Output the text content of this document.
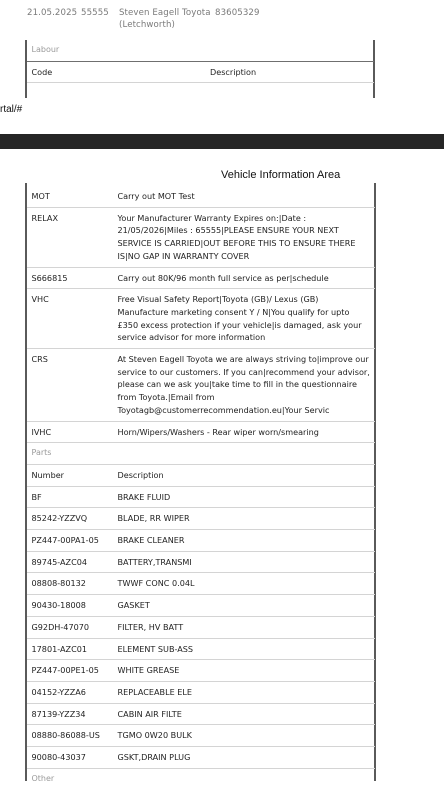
21.05.2025 55555 Steven Eagell Toyota
(Letchworth)
83605329
Labour
Code	Description

rtal/#
Vehicle Information Area
MOT	Carry out MOT Test
RELAX	Your Manufacturer Warranty Expires on:|Date : 21/05/2026|Miles : 65555|PLEASE ENSURE YOUR NEXT SERVICE IS CARRIED|OUT BEFORE THIS TO ENSURE THERE IS|NO GAP IN WARRANTY COVER
S666815	Carry out 80K/96 month full service as per|schedule
VHC	Free Visual Safety Report|Toyota (GB)/ Lexus (GB) Manufacture marketing consent Y / N|You qualify for upto £350 excess protection if your vehicle|is damaged, ask your service advisor for more information
CRS	At Steven Eagell Toyota we are always striving to|improve our service to our customers. If you can|recommend your advisor, please can we ask you|take time to fill in the questionnaire from Toyota.|Email from Toyotagb@customerrecommendation.eu|Your Servic
IVHC	Horn/Wipers/Washers - Rear wiper worn/smearing
Parts	
Number	Description
BF	BRAKE FLUID
85242-YZZVQ	BLADE, RR WIPER
PZ447-00PA1-05	BRAKE CLEANER
89745-AZC04	BATTERY,TRANSMI
08808-80132	TWWF CONC 0.04L
90430-18008	GASKET
G92DH-47070	FILTER, HV BATT
17801-AZC01	ELEMENT SUB-ASS
PZ447-00PE1-05	WHITE GREASE
04152-YZZA6	REPLACEABLE ELE
87139-YZZ34	CABIN AIR FILTE
08880-86088-US	TGMO 0W20 BULK
90080-43037	GSKT,DRAIN PLUG
Other	
